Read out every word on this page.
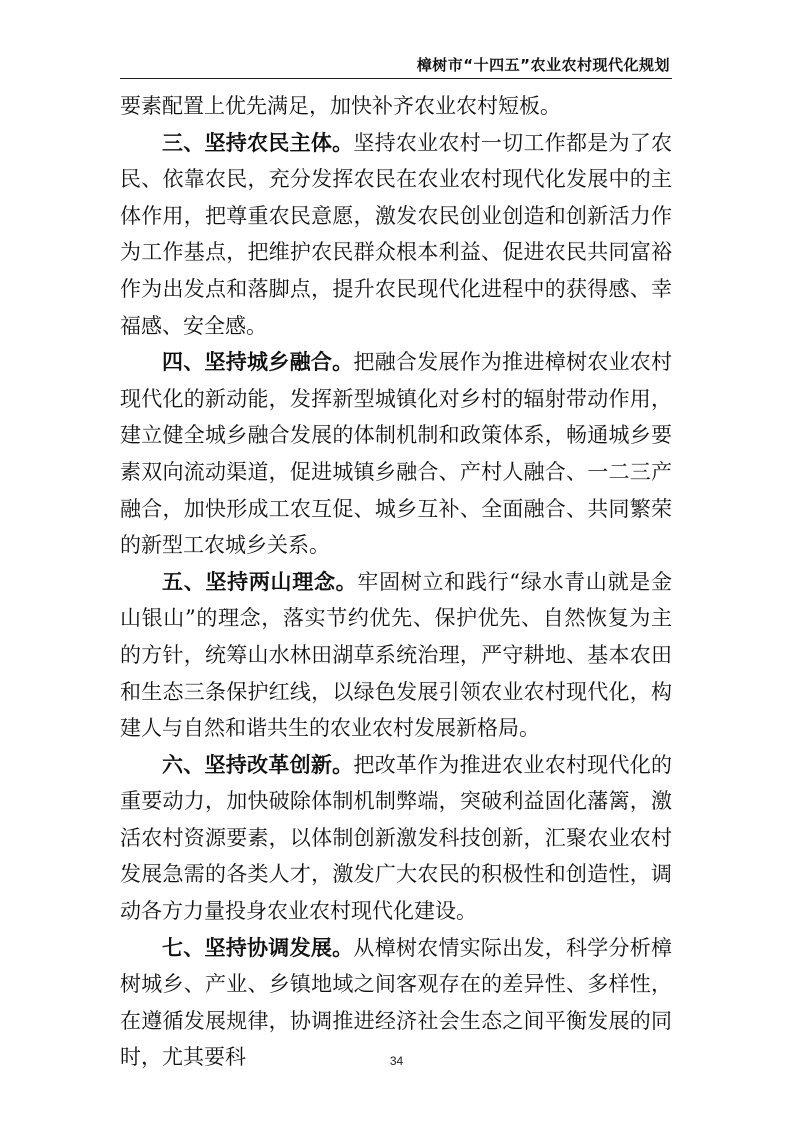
樟树市“十四五”农业农村现代化规划

要素配置上优先满足，加快补齐农业农村短板。

三、坚持农民主体。坚持农业农村一切工作都是为了农民、依靠农民，充分发挥农民在农业农村现代化发展中的主体作用，把尊重农民意愿，激发农民创业创造和创新活力作为工作基点，把维护农民群众根本利益、促进农民共同富裕作为出发点和落脚点，提升农民现代化进程中的获得感、幸福感、安全感。

四、坚持城乡融合。把融合发展作为推进樟树农业农村现代化的新动能，发挥新型城镇化对乡村的辐射带动作用，建立健全城乡融合发展的体制机制和政策体系，畅通城乡要素双向流动渠道，促进城镇乡融合、产村人融合、一二三产融合，加快形成工农互促、城乡互补、全面融合、共同繁荣的新型工农城乡关系。

五、坚持两山理念。牢固树立和践行“绿水青山就是金山银山”的理念，落实节约优先、保护优先、自然恢复为主的方针，统筹山水林田湖草系统治理，严守耕地、基本农田和生态三条保护红线，以绿色发展引领农业农村现代化，构建人与自然和谐共生的农业农村发展新格局。

六、坚持改革创新。把改革作为推进农业农村现代化的重要动力，加快破除体制机制弊端，突破利益固化藩篱，激活农村资源要素，以体制创新激发科技创新，汇聚农业农村发展急需的各类人才，激发广大农民的积极性和创造性，调动各方力量投身农业农村现代化建设。

七、坚持协调发展。从樟树农情实际出发，科学分析樟树城乡、产业、乡镇地域之间客观存在的差异性、多样性，在遵循发展规律，协调推进经济社会生态之间平衡发展的同时，尤其要科	34
